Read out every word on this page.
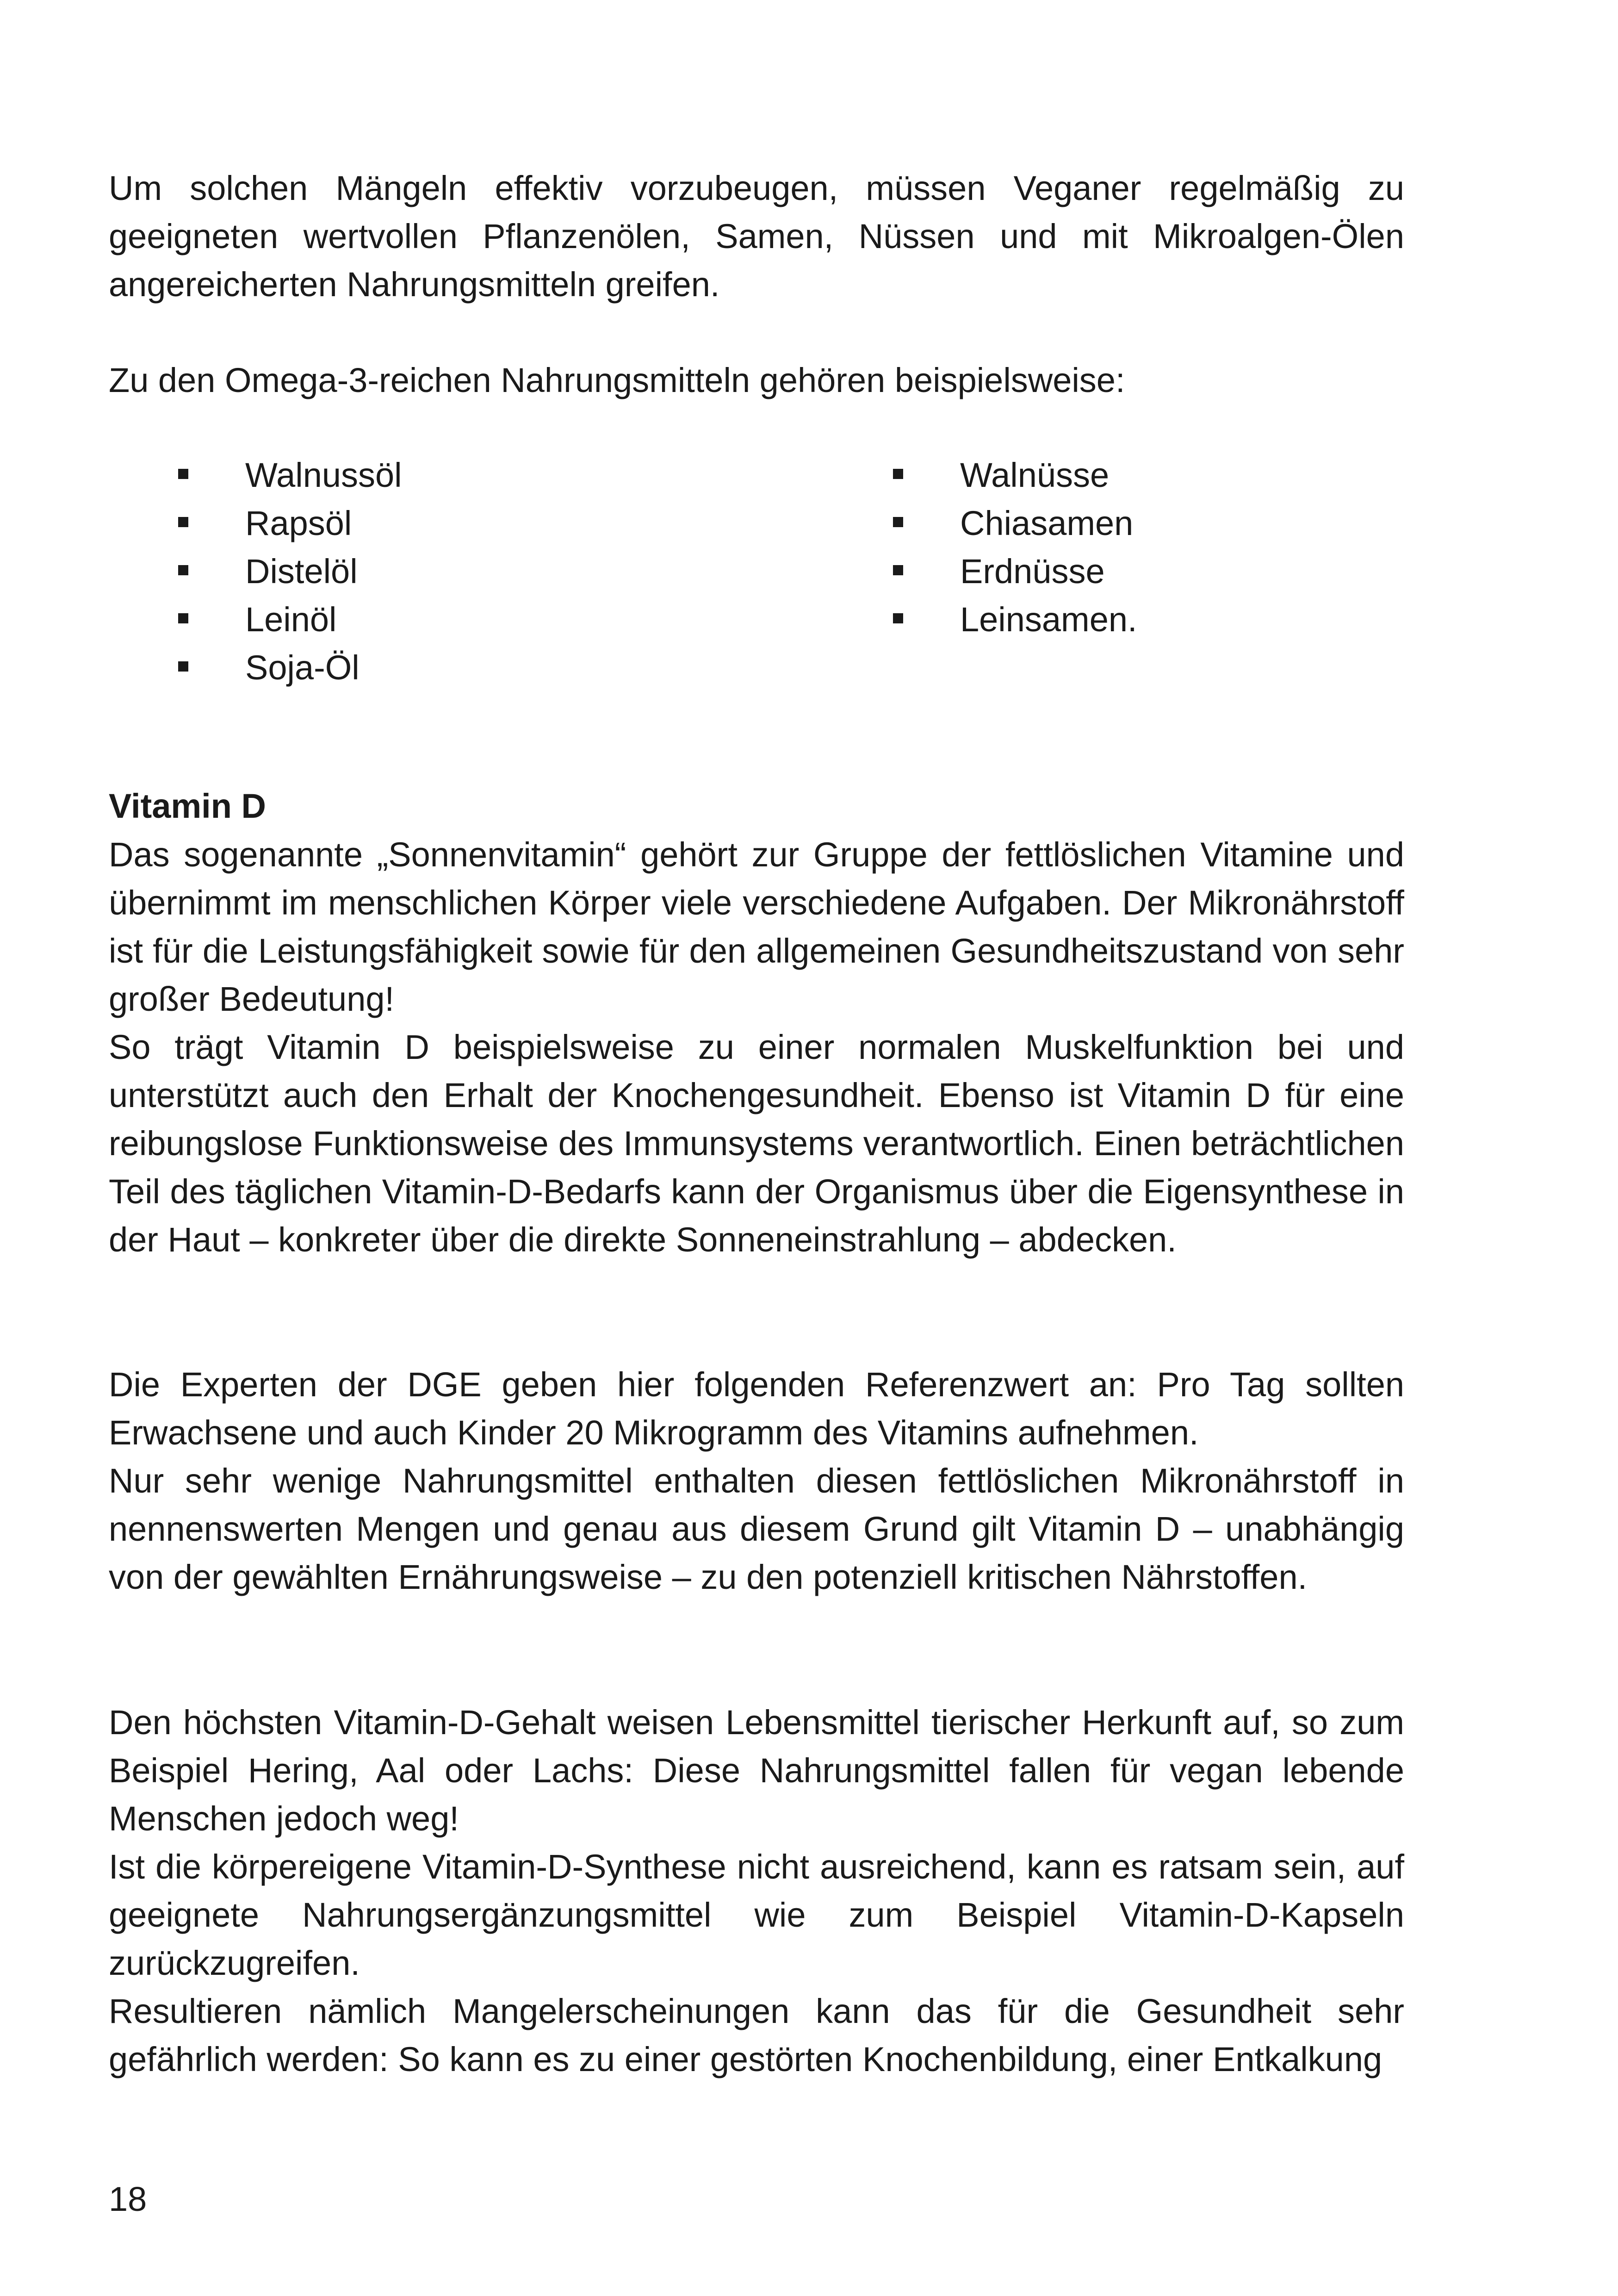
Um solchen Mängeln effektiv vorzubeugen, müssen Veganer regelmäßig zu geeigneten wertvollen Pflanzenölen, Samen, Nüssen und mit Mikroalgen-Ölen angereicherten Nahrungsmitteln greifen.

Zu den Omega-3-reichen Nahrungsmitteln gehören beispielsweise:

Walnussöl
Rapsöl
Distelöl
Leinöl
Soja-Öl
Walnüsse
Chiasamen
Erdnüsse
Leinsamen.
Vitamin D
Das sogenannte „Sonnenvitamin“ gehört zur Gruppe der fettlöslichen Vitamine und übernimmt im menschlichen Körper viele verschiedene Aufgaben. Der Mikronährstoff ist für die Leistungsfähigkeit sowie für den allgemeinen Gesundheitszustand von sehr großer Bedeutung!
So trägt Vitamin D beispielsweise zu einer normalen Muskelfunktion bei und unterstützt auch den Erhalt der Knochengesundheit. Ebenso ist Vitamin D für eine reibungslose Funktionsweise des Immunsystems verantwortlich. Einen beträchtlichen Teil des täglichen Vitamin-D-Bedarfs kann der Organismus über die Eigensynthese in der Haut – konkreter über die direkte Sonneneinstrahlung – abdecken.
Die Experten der DGE geben hier folgenden Referenzwert an: Pro Tag sollten Erwachsene und auch Kinder 20 Mikrogramm des Vitamins aufnehmen.
Nur sehr wenige Nahrungsmittel enthalten diesen fettlöslichen Mikronährstoff in nennenswerten Mengen und genau aus diesem Grund gilt Vitamin D – unabhängig von der gewählten Ernährungsweise – zu den potenziell kritischen Nährstoffen.
Den höchsten Vitamin-D-Gehalt weisen Lebensmittel tierischer Herkunft auf, so zum Beispiel Hering, Aal oder Lachs: Diese Nahrungsmittel fallen für vegan lebende Menschen jedoch weg!
Ist die körpereigene Vitamin-D-Synthese nicht ausreichend, kann es ratsam sein, auf geeignete Nahrungsergänzungsmittel wie zum Beispiel Vitamin-D-Kapseln zurückzugreifen.
Resultieren nämlich Mangelerscheinungen kann das für die Gesundheit sehr gefährlich werden: So kann es zu einer gestörten Knochenbildung, einer Entkalkung
18
